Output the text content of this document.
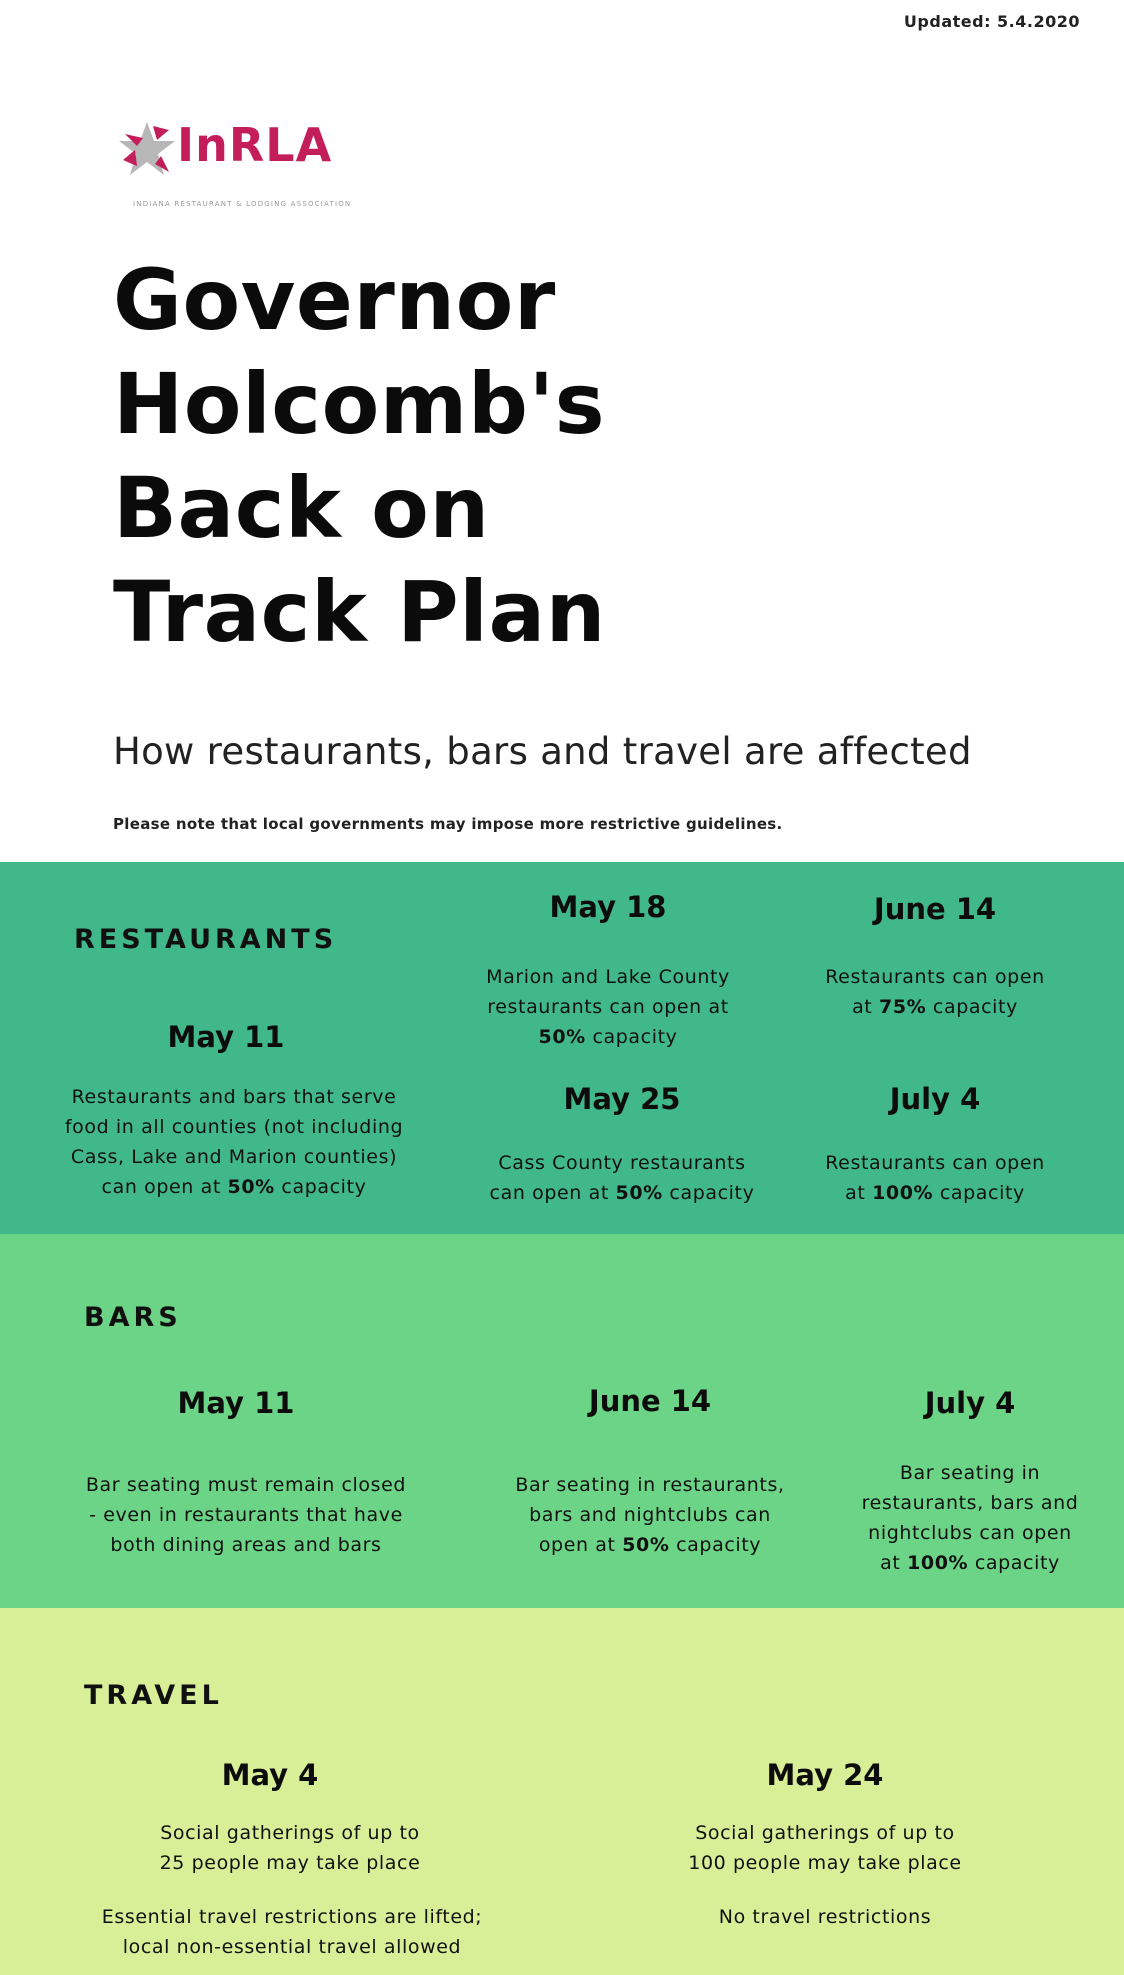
Updated: 5.4.2020
InRLA
INDIANA RESTAURANT & LODGING ASSOCIATION
Governor
Holcomb's
Back on
Track Plan
How restaurants, bars and travel are affected
Please note that local governments may impose more restrictive guidelines.
RESTAURANTS
May 11
Restaurants and bars that serve
food in all counties (not including
Cass, Lake and Marion counties)
can open at 50% capacity
May 18
Marion and Lake County
restaurants can open at
50% capacity
June 14
Restaurants can open
at 75% capacity
May 25
Cass County restaurants
can open at 50% capacity
July 4
Restaurants can open
at 100% capacity
BARS
May 11
Bar seating must remain closed
- even in restaurants that have
both dining areas and bars
June 14
Bar seating in restaurants,
bars and nightclubs can
open at 50% capacity
July 4
Bar seating in
restaurants, bars and
nightclubs can open
at 100% capacity
TRAVEL
May 4
Social gatherings of up to
25 people may take place
Essential travel restrictions are lifted;
local non-essential travel allowed
May 24
Social gatherings of up to
100 people may take place
No travel restrictions
